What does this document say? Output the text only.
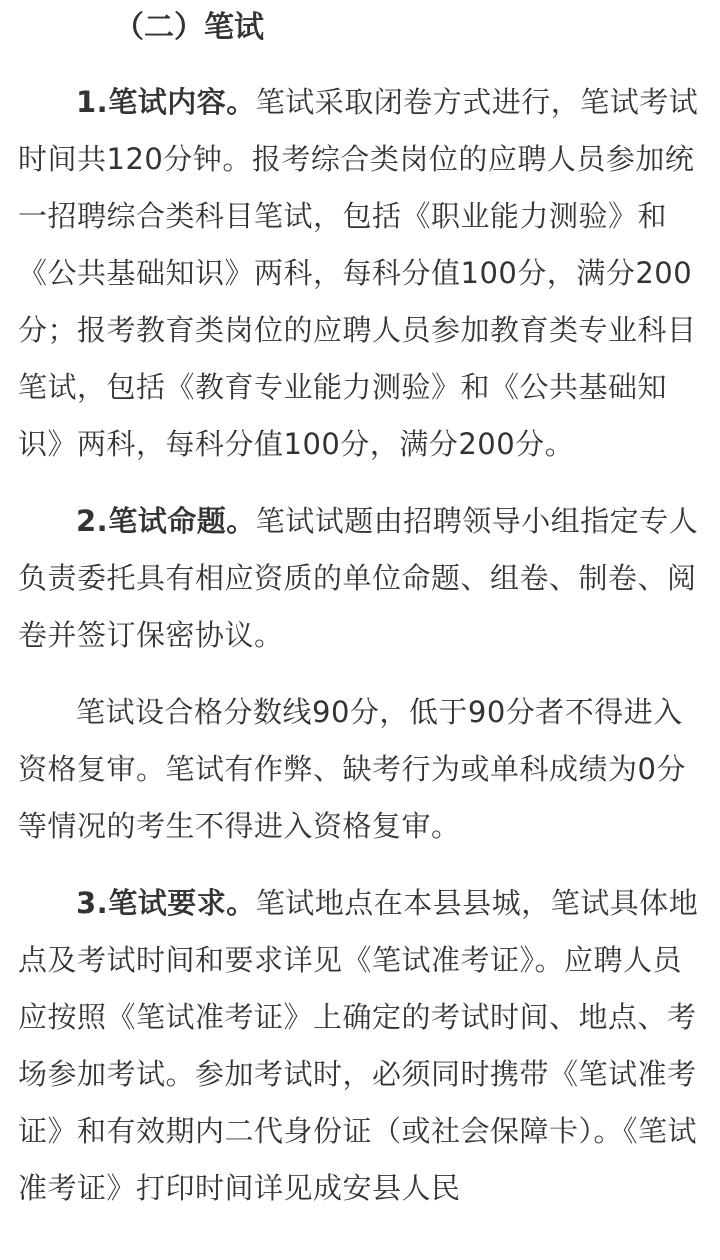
（二）笔试

1.笔试内容。笔试采取闭卷方式进行，笔试考试时间共120分钟。报考综合类岗位的应聘人员参加统一招聘综合类科目笔试，包括《职业能力测验》和《公共基础知识》两科，每科分值100分，满分200分；报考教育类岗位的应聘人员参加教育类专业科目笔试，包括《教育专业能力测验》和《公共基础知识》两科，每科分值100分，满分200分。

2.笔试命题。笔试试题由招聘领导小组指定专人负责委托具有相应资质的单位命题、组卷、制卷、阅卷并签订保密协议。

笔试设合格分数线90分，低于90分者不得进入资格复审。笔试有作弊、缺考行为或单科成绩为0分等情况的考生不得进入资格复审。

3.笔试要求。笔试地点在本县县城，笔试具体地点及考试时间和要求详见《笔试准考证》。应聘人员应按照《笔试准考证》上确定的考试时间、地点、考场参加考试。参加考试时，必须同时携带《笔试准考证》和有效期内二代身份证（或社会保障卡）。《笔试准考证》打印时间详见成安县人民
